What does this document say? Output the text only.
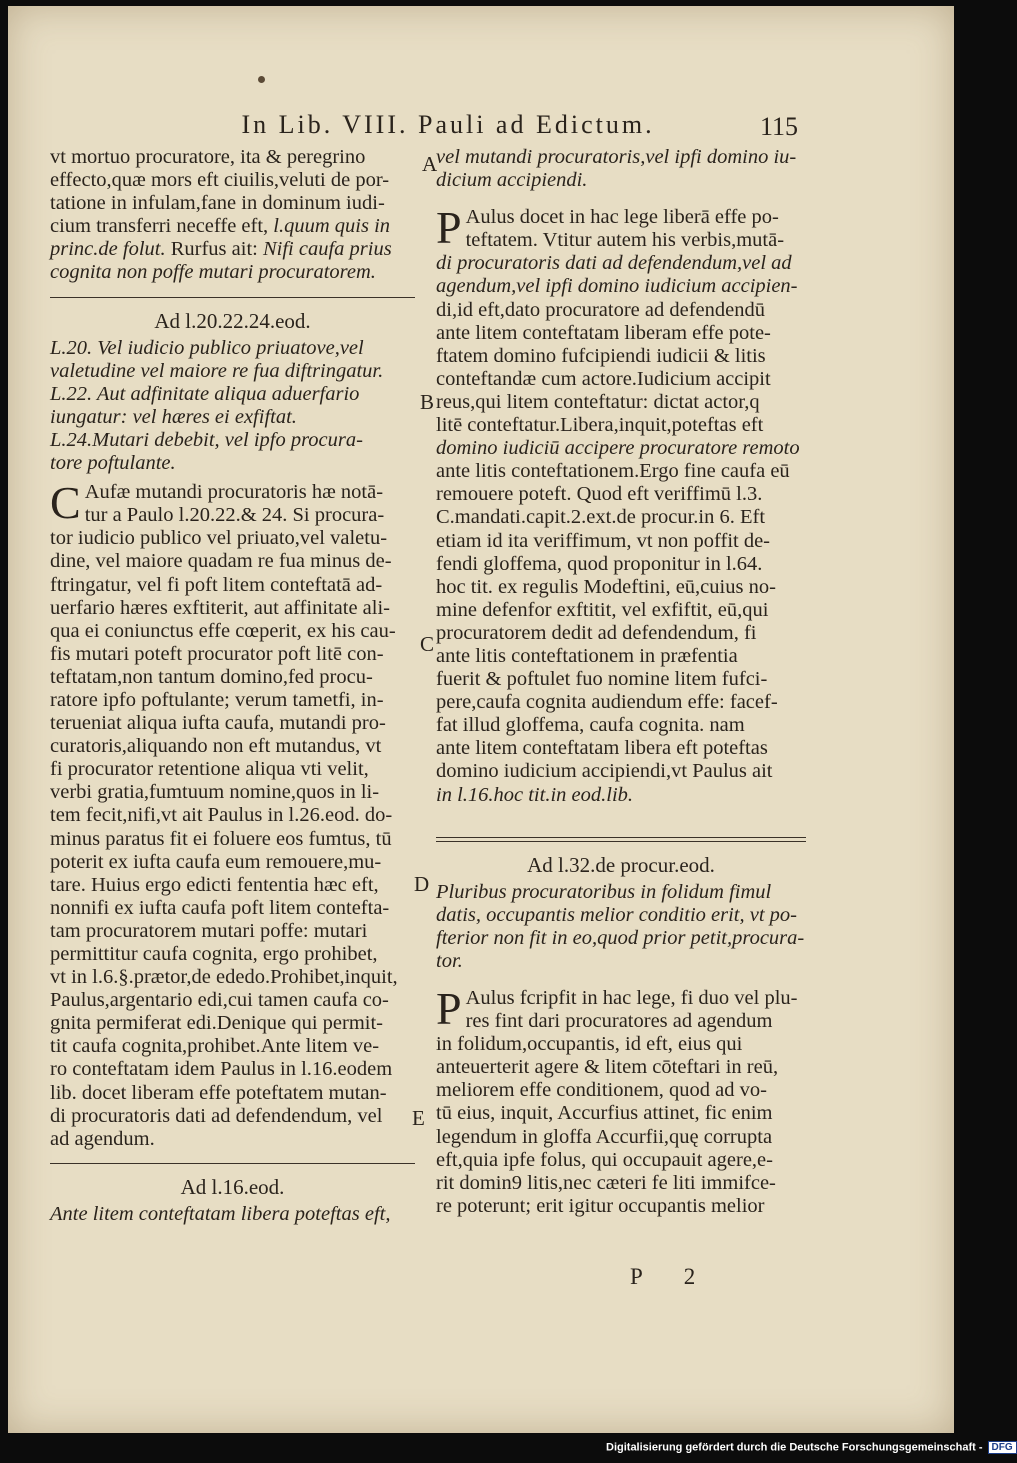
In Lib. VIII. Pauli ad Edictum.	115
vt mortuo procuratore, ita & peregrino
effecto,quæ mors eft ciuilis,veluti de por-
tatione in infulam,fane in dominum iudi-
cium transferri neceffe eft, l.quum quis in
princ.de folut. Rurfus ait: Nifi caufa prius
cognita non poffe mutari procuratorem.
Ad l.20.22.24.eod.
L.20. Vel iudicio publico priuatove,vel
valetudine vel maiore re fua diftringatur.
L.22. Aut adfinitate aliqua aduerfario
iungatur: vel hæres ei exfiftat.
L.24.Mutari debebit, vel ipfo procura-
tore poftulante.
C Aufæ mutandi procuratoris hæ notā-
tur a Paulo l.20.22.& 24. Si procura-
tor iudicio publico vel priuato,vel valetu-
dine, vel maiore quadam re fua minus de-
ftringatur, vel fi poft litem conteftatā ad-
uerfario hæres exftiterit, aut affinitate ali-
qua ei coniunctus effe cœperit, ex his cau-
fis mutari poteft procurator poft litē con-
teftatam,non tantum domino,fed procu-
ratore ipfo poftulante; verum tametfi, in-
terueniat aliqua iufta caufa, mutandi pro-
curatoris,aliquando non eft mutandus, vt
fi procurator retentione aliqua vti velit,
verbi gratia,fumtuum nomine,quos in li-
tem fecit,nifi,vt ait Paulus in l.26.eod. do-
minus paratus fit ei foluere eos fumtus, tū
poterit ex iufta caufa eum remouere,mu-
tare. Huius ergo edicti fententia hæc eft,
nonnifi ex iufta caufa poft litem contefta-
tam procuratorem mutari poffe: mutari
permittitur caufa cognita, ergo prohibet,
vt in l.6.§.prætor,de ededo.Prohibet,inquit,
Paulus,argentario edi,cui tamen caufa co-
gnita permiferat edi.Denique qui permit-
tit caufa cognita,prohibet.Ante litem ve-
ro conteftatam idem Paulus in l.16.eodem
lib. docet liberam effe poteftatem mutan-
di procuratoris dati ad defendendum, vel
ad agendum.
Ad l.16.eod.
Ante litem conteftatam libera poteftas eft,
vel mutandi procuratoris,vel ipfi domino iu-
dicium accipiendi.
P Aulus docet in hac lege liberā effe po-
teftatem. Vtitur autem his verbis,mutā-
di procuratoris dati ad defendendum,vel ad
agendum,vel ipfi domino iudicium accipien-
di,id eft,dato procuratore ad defendendū
ante litem conteftatam liberam effe pote-
ftatem domino fufcipiendi iudicii & litis
conteftandæ cum actore.Iudicium accipit
reus,qui litem conteftatur: dictat actor,q
litē conteftatur.Libera,inquit,poteftas eft
domino iudiciū accipere procuratore remoto
ante litis conteftationem.Ergo fine caufa eū
remouere poteft. Quod eft veriffimū l.3.
C.mandati.capit.2.ext.de procur.in 6. Eft
etiam id ita veriffimum, vt non poffit de-
fendi gloffema, quod proponitur in l.64.
hoc tit. ex regulis Modeftini, eū,cuius no-
mine defenfor exftitit, vel exfiftit, eū,qui
procuratorem dedit ad defendendum, fi
ante litis conteftationem in præfentia
fuerit & poftulet fuo nomine litem fufci-
pere,caufa cognita audiendum effe: facef-
fat illud gloffema, caufa cognita. nam
ante litem conteftatam libera eft poteftas
domino iudicium accipiendi,vt Paulus ait
in l.16.hoc tit.in eod.lib.
Ad l.32.de procur.eod.
Pluribus procuratoribus in folidum fimul
datis, occupantis melior conditio erit, vt po-
fterior non fit in eo,quod prior petit,procura-
tor.
P Aulus fcripfit in hac lege, fi duo vel plu-
res fint dari procuratores ad agendum
in folidum,occupantis, id eft, eius qui
anteuerterit agere & litem cōteftari in reū,
meliorem effe conditionem, quod ad vo-
tū eius, inquit, Accurfius attinet, fic enim
legendum in gloffa Accurfii,quę corrupta
eft,quia ipfe folus, qui occupauit agere,e-
rit domin9 litis,nec cæteri fe liti immifce-
re poterunt; erit igitur occupantis melior
A
B
C
D
E
P 2
Digitalisierung gefördert durch die Deutsche Forschungsgemeinschaft - DFG
